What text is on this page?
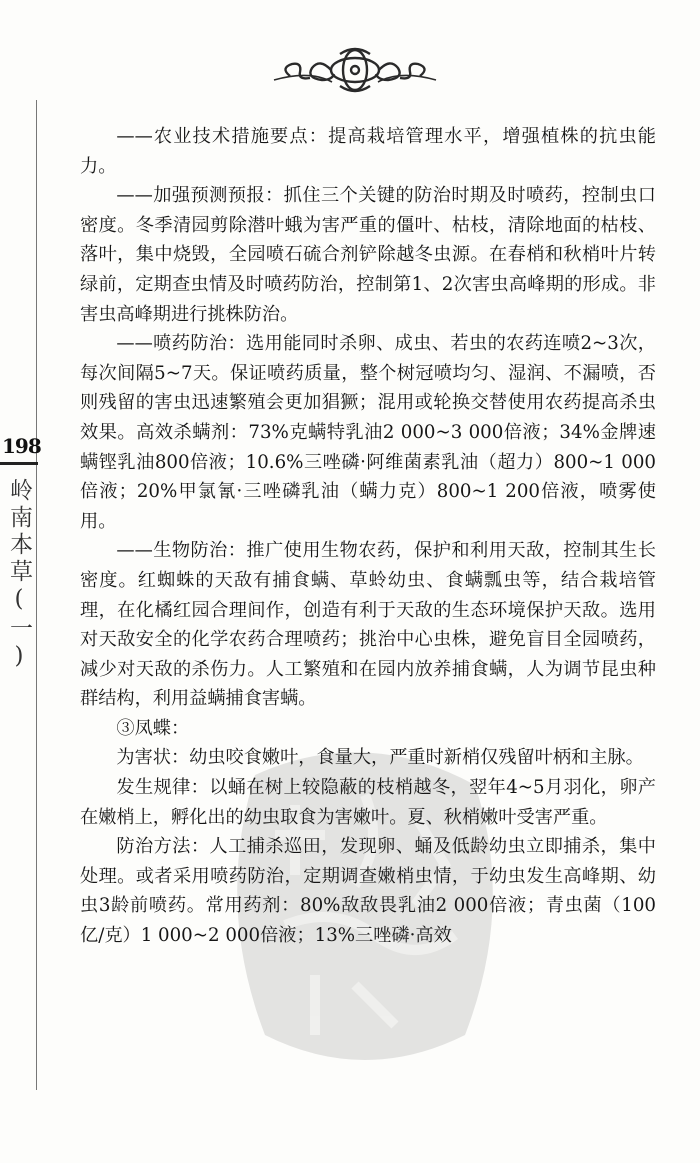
198
岭南本草(一)

——农业技术措施要点：提高栽培管理水平，增强植株的抗虫能力。

——加强预测预报：抓住三个关键的防治时期及时喷药，控制虫口密度。冬季清园剪除潜叶蛾为害严重的僵叶、枯枝，清除地面的枯枝、落叶，集中烧毁，全园喷石硫合剂铲除越冬虫源。在春梢和秋梢叶片转绿前，定期查虫情及时喷药防治，控制第1、2次害虫高峰期的形成。非害虫高峰期进行挑株防治。

——喷药防治：选用能同时杀卵、成虫、若虫的农药连喷2~3次，每次间隔5~7天。保证喷药质量，整个树冠喷均匀、湿润、不漏喷，否则残留的害虫迅速繁殖会更加猖獗；混用或轮换交替使用农药提高杀虫效果。高效杀螨剂：73%克螨特乳油2 000~3 000倍液；34%金牌速螨铿乳油800倍液；10.6%三唑磷·阿维菌素乳油（超力）800~1 000倍液；20%甲氯氰·三唑磷乳油（螨力克）800~1 200倍液，喷雾使用。

——生物防治：推广使用生物农药，保护和利用天敌，控制其生长密度。红蜘蛛的天敌有捕食螨、草蛉幼虫、食螨瓢虫等，结合栽培管理，在化橘红园合理间作，创造有利于天敌的生态环境保护天敌。选用对天敌安全的化学农药合理喷药；挑治中心虫株，避免盲目全园喷药，减少对天敌的杀伤力。人工繁殖和在园内放养捕食螨，人为调节昆虫种群结构，利用益螨捕食害螨。

③凤蝶：

为害状：幼虫咬食嫩叶，食量大，严重时新梢仅残留叶柄和主脉。

发生规律：以蛹在树上较隐蔽的枝梢越冬，翌年4~5月羽化，卵产在嫩梢上，孵化出的幼虫取食为害嫩叶。夏、秋梢嫩叶受害严重。

防治方法：人工捕杀巡田，发现卵、蛹及低龄幼虫立即捕杀，集中处理。或者采用喷药防治，定期调查嫩梢虫情，于幼虫发生高峰期、幼虫3龄前喷药。常用药剂：80%敌敌畏乳油2 000倍液；青虫菌（100亿/克）1 000~2 000倍液；13%三唑磷·高效
